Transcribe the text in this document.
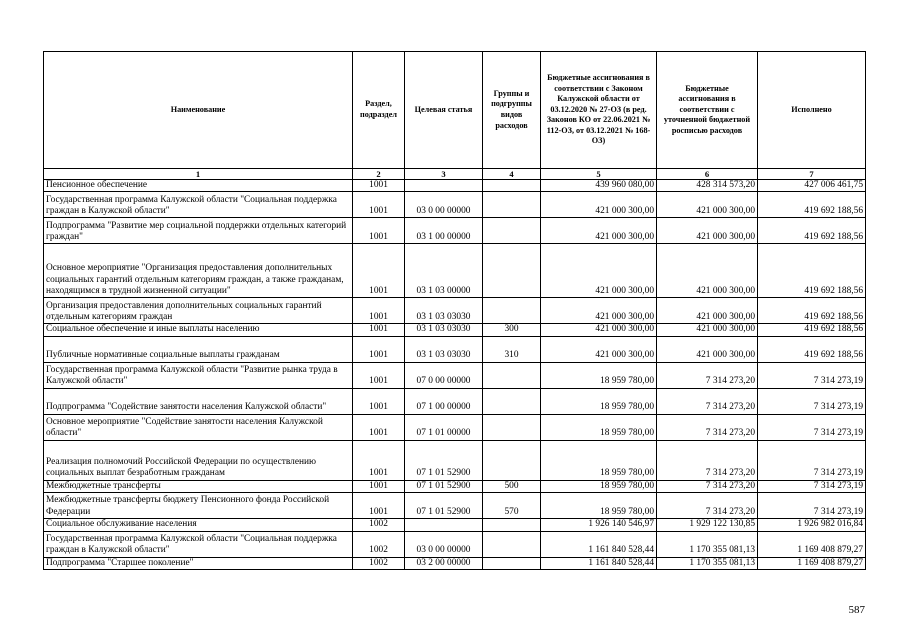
Наименование	Раздел, подраздел	Целевая статья	Группы и подгруппы видов расходов	Бюджетные ассигнования в соответствии с Законом Калужской области от 03.12.2020 № 27-ОЗ (в ред. Законов КО от 22.06.2021 № 112-ОЗ, от 03.12.2021 № 168-ОЗ)	Бюджетные ассигнования в соответствии с уточненной бюджетной росписью расходов	Исполнено
1	2	3	4	5	6	7
Пенсионное обеспечение	1001			439 960 080,00	428 314 573,20	427 006 461,75
Государственная программа Калужской области "Социальная поддержка граждан в Калужской области"	1001	03 0 00 00000		421 000 300,00	421 000 300,00	419 692 188,56
Подпрограмма "Развитие мер социальной поддержки отдельных категорий граждан"	1001	03 1 00 00000		421 000 300,00	421 000 300,00	419 692 188,56
Основное мероприятие "Организация предоставления дополнительных социальных гарантий отдельным категориям граждан, а также гражданам, находящимся в трудной жизненной ситуации"	1001	03 1 03 00000		421 000 300,00	421 000 300,00	419 692 188,56
Организация предоставления дополнительных социальных гарантий отдельным категориям граждан	1001	03 1 03 03030		421 000 300,00	421 000 300,00	419 692 188,56
Социальное обеспечение и иные выплаты населению	1001	03 1 03 03030	300	421 000 300,00	421 000 300,00	419 692 188,56
Публичные нормативные социальные выплаты гражданам	1001	03 1 03 03030	310	421 000 300,00	421 000 300,00	419 692 188,56
Государственная программа Калужской области "Развитие рынка труда в Калужской области"	1001	07 0 00 00000		18 959 780,00	7 314 273,20	7 314 273,19
Подпрограмма "Содействие занятости населения Калужской области"	1001	07 1 00 00000		18 959 780,00	7 314 273,20	7 314 273,19
Основное мероприятие "Содействие занятости населения Калужской области"	1001	07 1 01 00000		18 959 780,00	7 314 273,20	7 314 273,19
Реализация полномочий Российской Федерации по осуществлению социальных выплат безработным гражданам	1001	07 1 01 52900		18 959 780,00	7 314 273,20	7 314 273,19
Межбюджетные трансферты	1001	07 1 01 52900	500	18 959 780,00	7 314 273,20	7 314 273,19
Межбюджетные трансферты бюджету Пенсионного фонда Российской Федерации	1001	07 1 01 52900	570	18 959 780,00	7 314 273,20	7 314 273,19
Социальное обслуживание населения	1002			1 926 140 546,97	1 929 122 130,85	1 926 982 016,84
Государственная программа Калужской области "Социальная поддержка граждан в Калужской области"	1002	03 0 00 00000		1 161 840 528,44	1 170 355 081,13	1 169 408 879,27
Подпрограмма "Старшее поколение"	1002	03 2 00 00000		1 161 840 528,44	1 170 355 081,13	1 169 408 879,27
587
